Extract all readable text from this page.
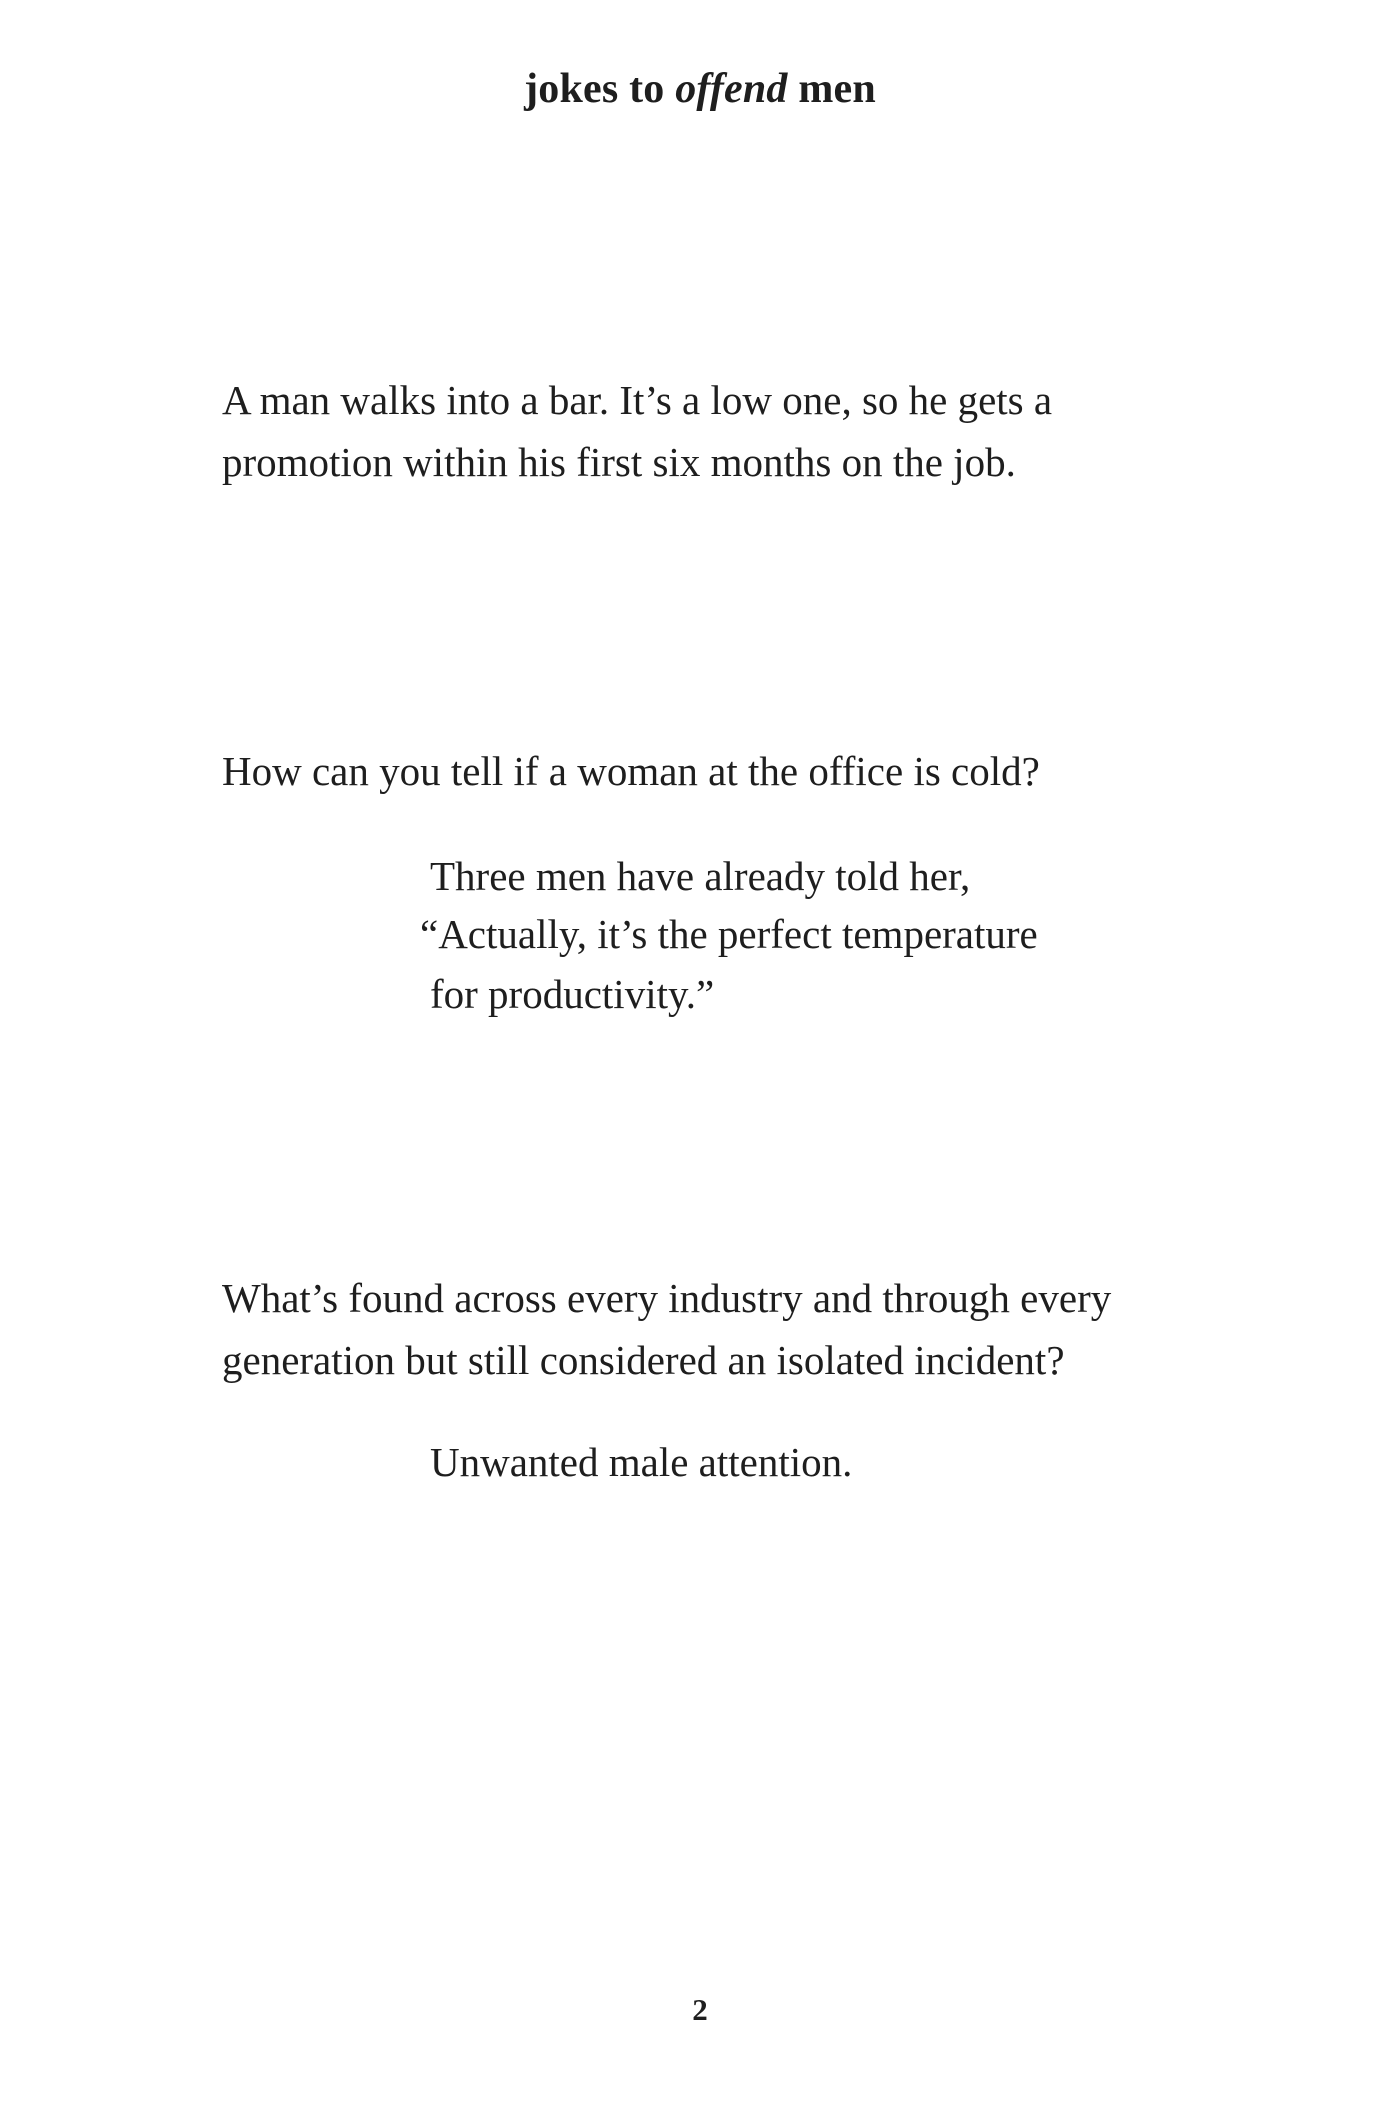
jokes to offend men
A man walks into a bar. It’s a low one, so he gets a
promotion within his first six months on the job.
How can you tell if a woman at the office is cold?
Three men have already told her,
“Actually, it’s the perfect temperature
for productivity.”
What’s found across every industry and through every
generation but still considered an isolated incident?
Unwanted male attention.
2
